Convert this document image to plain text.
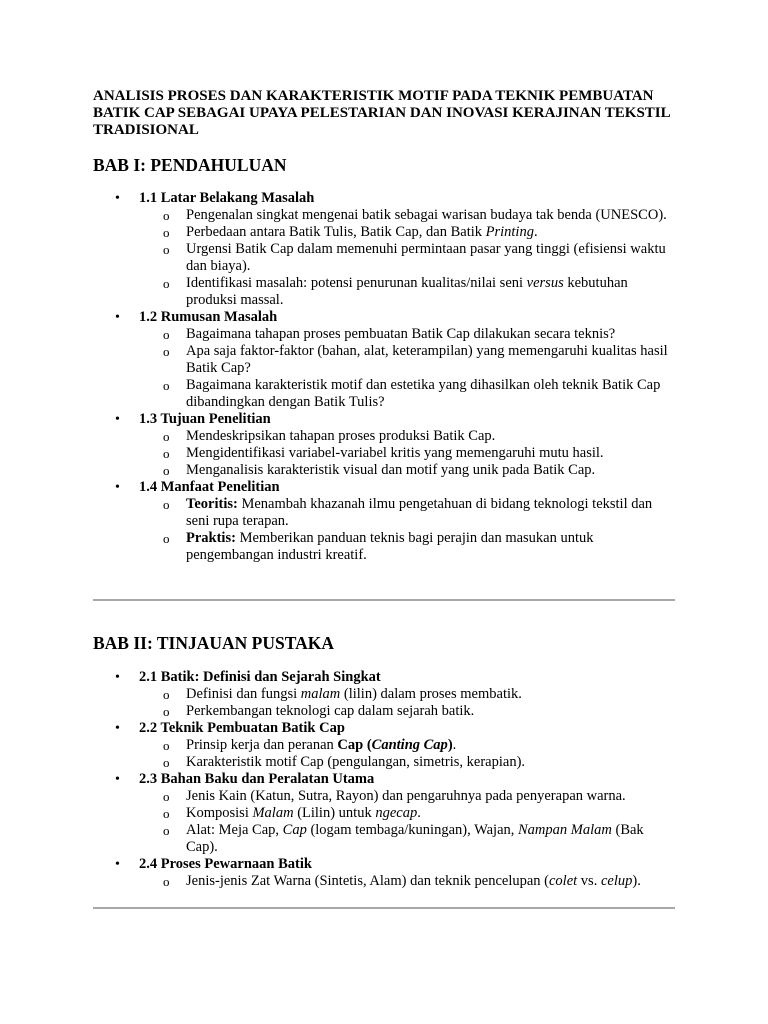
ANALISIS PROSES DAN KARAKTERISTIK MOTIF PADA TEKNIK PEMBUATAN BATIK CAP SEBAGAI UPAYA PELESTARIAN DAN INOVASI KERAJINAN TEKSTIL TRADISIONAL
BAB I: PENDAHULUAN
• 1.1 Latar Belakang Masalah
o Pengenalan singkat mengenai batik sebagai warisan budaya tak benda (UNESCO).
o Perbedaan antara Batik Tulis, Batik Cap, dan Batik Printing.
o Urgensi Batik Cap dalam memenuhi permintaan pasar yang tinggi (efisiensi waktu dan biaya).
o Identifikasi masalah: potensi penurunan kualitas/nilai seni versus kebutuhan produksi massal.
• 1.2 Rumusan Masalah
o Bagaimana tahapan proses pembuatan Batik Cap dilakukan secara teknis?
o Apa saja faktor-faktor (bahan, alat, keterampilan) yang memengaruhi kualitas hasil Batik Cap?
o Bagaimana karakteristik motif dan estetika yang dihasilkan oleh teknik Batik Cap dibandingkan dengan Batik Tulis?
• 1.3 Tujuan Penelitian
o Mendeskripsikan tahapan proses produksi Batik Cap.
o Mengidentifikasi variabel-variabel kritis yang memengaruhi mutu hasil.
o Menganalisis karakteristik visual dan motif yang unik pada Batik Cap.
• 1.4 Manfaat Penelitian
o Teoritis: Menambah khazanah ilmu pengetahuan di bidang teknologi tekstil dan seni rupa terapan.
o Praktis: Memberikan panduan teknis bagi perajin dan masukan untuk pengembangan industri kreatif.
BAB II: TINJAUAN PUSTAKA
• 2.1 Batik: Definisi dan Sejarah Singkat
o Definisi dan fungsi malam (lilin) dalam proses membatik.
o Perkembangan teknologi cap dalam sejarah batik.
• 2.2 Teknik Pembuatan Batik Cap
o Prinsip kerja dan peranan Cap (Canting Cap).
o Karakteristik motif Cap (pengulangan, simetris, kerapian).
• 2.3 Bahan Baku dan Peralatan Utama
o Jenis Kain (Katun, Sutra, Rayon) dan pengaruhnya pada penyerapan warna.
o Komposisi Malam (Lilin) untuk ngecap.
o Alat: Meja Cap, Cap (logam tembaga/kuningan), Wajan, Nampan Malam (Bak Cap).
• 2.4 Proses Pewarnaan Batik
o Jenis-jenis Zat Warna (Sintetis, Alam) dan teknik pencelupan (colet vs. celup).
